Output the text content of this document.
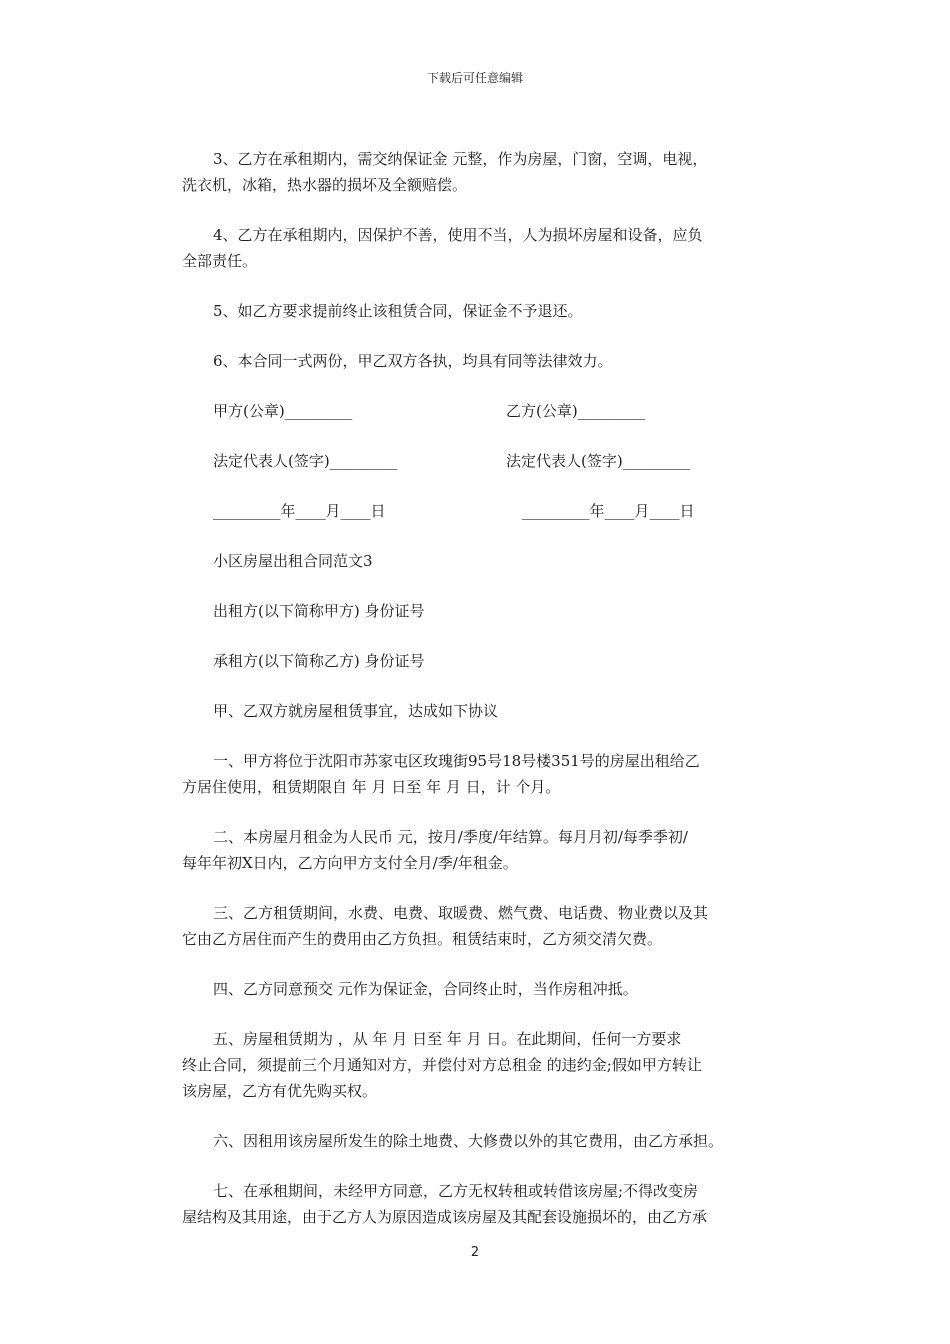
下载后可任意编辑

3、乙方在承租期内，需交纳保证金 元整，作为房屋，门窗，空调，电视，
洗衣机，冰箱，热水器的损坏及全额赔偿。

4、乙方在承租期内，因保护不善，使用不当，人为损坏房屋和设备，应负
全部责任。

5、如乙方要求提前终止该租赁合同，保证金不予退还。

6、本合同一式两份，甲乙双方各执，均具有同等法律效力。

甲方(公章)_________	乙方(公章)_________
法定代表人(签字)_________	法定代表人(签字)_________
_________年____月____日	_________年____月____日

小区房屋出租合同范文3

出租方(以下简称甲方) 身份证号

承租方(以下简称乙方) 身份证号

甲、乙双方就房屋租赁事宜，达成如下协议

一、甲方将位于沈阳市苏家屯区玫瑰街95号18号楼351号的房屋出租给乙
方居住使用，租赁期限自 年 月 日至 年 月 日，计 个月。

二、本房屋月租金为人民币 元，按月/季度/年结算。每月月初/每季季初/
每年年初X日内，乙方向甲方支付全月/季/年租金。

三、乙方租赁期间，水费、电费、取暖费、燃气费、电话费、物业费以及其
它由乙方居住而产生的费用由乙方负担。租赁结束时，乙方须交清欠费。

四、乙方同意预交 元作为保证金，合同终止时，当作房租冲抵。

五、房屋租赁期为 ，从 年 月 日至 年 月 日。在此期间，任何一方要求
终止合同，须提前三个月通知对方，并偿付对方总租金 的违约金;假如甲方转让
该房屋，乙方有优先购买权。

六、因租用该房屋所发生的除土地费、大修费以外的其它费用，由乙方承担。

七、在承租期间，未经甲方同意，乙方无权转租或转借该房屋;不得改变房
屋结构及其用途，由于乙方人为原因造成该房屋及其配套设施损坏的，由乙方承

2
